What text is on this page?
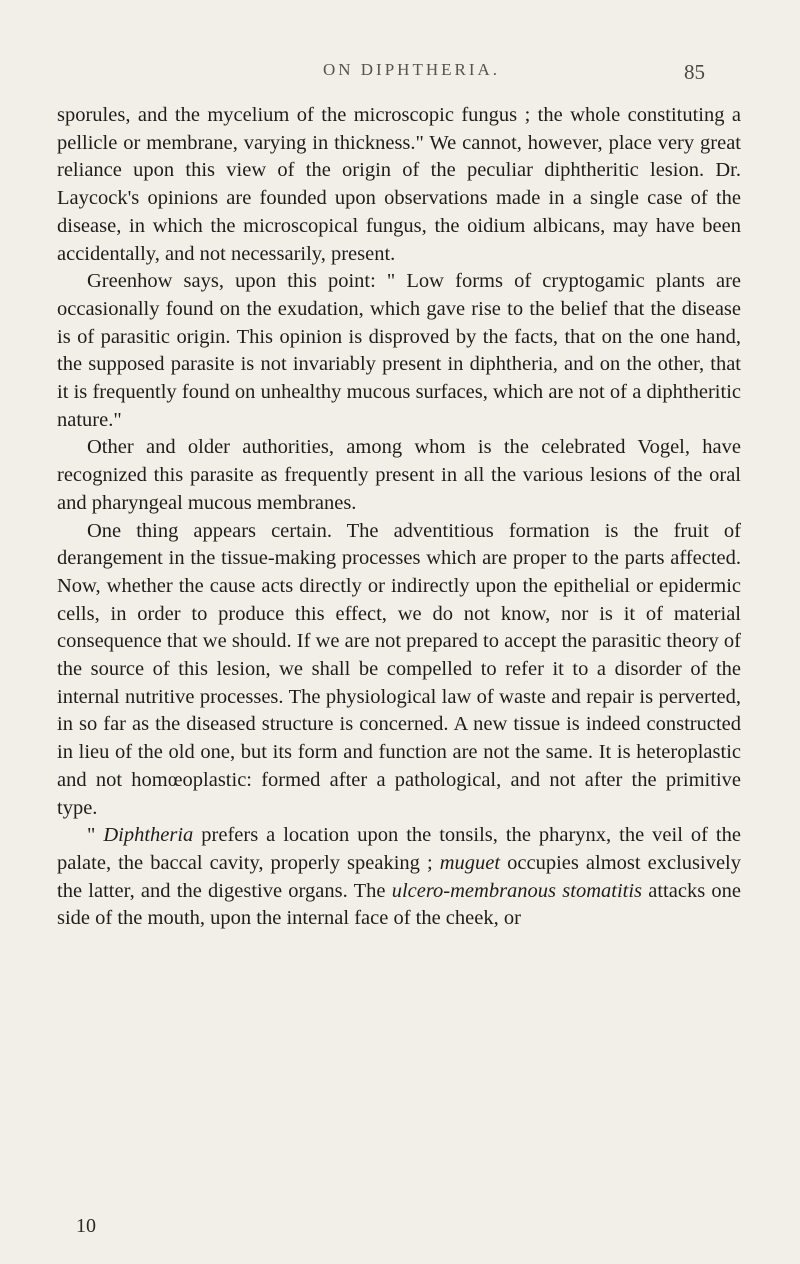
ON DIPHTHERIA.	85

sporules, and the mycelium of the microscopic fungus ; the whole constituting a pellicle or membrane, varying in thickness." We cannot, however, place very great reliance upon this view of the origin of the peculiar diphtheritic lesion. Dr. Laycock's opinions are founded upon observations made in a single case of the disease, in which the microscopical fungus, the oidium albicans, may have been accidentally, and not necessarily, present.

Greenhow says, upon this point: " Low forms of cryptogamic plants are occasionally found on the exudation, which gave rise to the belief that the disease is of parasitic origin. This opinion is disproved by the facts, that on the one hand, the supposed parasite is not invariably present in diphtheria, and on the other, that it is frequently found on unhealthy mucous surfaces, which are not of a diphtheritic nature."

Other and older authorities, among whom is the celebrated Vogel, have recognized this parasite as frequently present in all the various lesions of the oral and pharyngeal mucous membranes.

One thing appears certain. The adventitious formation is the fruit of derangement in the tissue-making processes which are proper to the parts affected. Now, whether the cause acts directly or indirectly upon the epithelial or epidermic cells, in order to produce this effect, we do not know, nor is it of material consequence that we should. If we are not prepared to accept the parasitic theory of the source of this lesion, we shall be compelled to refer it to a disorder of the internal nutritive processes. The physiological law of waste and repair is perverted, in so far as the diseased structure is concerned. A new tissue is indeed constructed in lieu of the old one, but its form and function are not the same. It is heteroplastic and not homœoplastic: formed after a pathological, and not after the primitive type.

" Diphtheria prefers a location upon the tonsils, the pharynx, the veil of the palate, the baccal cavity, properly speaking ; muguet occupies almost exclusively the latter, and the digestive organs. The ulcero-membranous stomatitis attacks one side of the mouth, upon the internal face of the cheek, or

10
